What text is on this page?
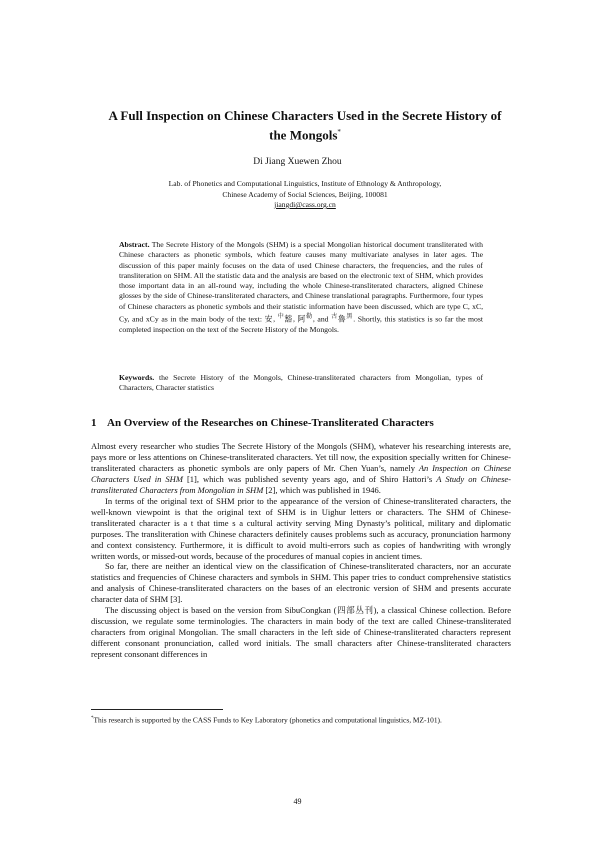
A Full Inspection on Chinese Characters Used in the Secrete History of the Mongols*
Di Jiang Xuewen Zhou
Lab. of Phonetics and Computational Linguistics, Institute of Ethnology & Anthropology,
Chinese Academy of Social Sciences, Beijing, 100081
jiangdi@cass.org.cn
Abstract. The Secrete History of the Mongols (SHM) is a special Mongolian historical document transliterated with Chinese characters as phonetic symbols, which feature causes many multivariate analyses in later ages. The discussion of this paper mainly focuses on the data of used Chinese characters, the frequencies, and the rules of transliteration on SHM. All the statistic data and the analysis are based on the electronic text of SHM, which provides those important data in an all-round way, including the whole Chinese-transliterated characters, aligned Chinese glosses by the side of Chinese-transliterated characters, and Chinese translational paragraphs. Furthermore, four types of Chinese characters as phonetic symbols and their statistic information have been discussed, which are type C, xC, Cy, and xCy as in the main body of the text: 安, $^中$豁, 阿$^勒$, and $^古$魯$^黑$. Shortly, this statistics is so far the most completed inspection on the text of the Secrete History of the Mongols.
Keywords. the Secrete History of the Mongols, Chinese-transliterated characters from Mongolian, types of Characters, Character statistics
1 An Overview of the Researches on Chinese-Transliterated Characters

Almost every researcher who studies The Secrete History of the Mongols (SHM), whatever his researching interests are, pays more or less attentions on Chinese-transliterated characters. Yet till now, the exposition specially written for Chinese-transliterated characters as phonetic symbols are only papers of Mr. Chen Yuan’s, namely An Inspection on Chinese Characters Used in SHM [1], which was published seventy years ago, and of Shiro Hattori’s A Study on Chinese-transliterated Characters from Mongolian in SHM [2], which was published in 1946.

In terms of the original text of SHM prior to the appearance of the version of Chinese-transliterated characters, the well-known viewpoint is that the original text of SHM is in Uighur letters or characters. The SHM of Chinese-transliterated character is a t that time s a cultural activity serving Ming Dynasty’s political, military and diplomatic purposes. The transliteration with Chinese characters definitely causes problems such as accuracy, pronunciation harmony and context consistency. Furthermore, it is difficult to avoid multi-errors such as copies of handwriting with wrongly written words, or missed-out words, because of the procedures of manual copies in ancient times.

So far, there are neither an identical view on the classification of Chinese-transliterated characters, nor an accurate statistics and frequencies of Chinese characters and symbols in SHM. This paper tries to conduct comprehensive statistics and analysis of Chinese-transliterated characters on the bases of an electronic version of SHM and presents accurate character data of SHM [3].

The discussing object is based on the version from SibuCongkan (四部丛刊), a classical Chinese collection. Before discussion, we regulate some terminologies. The characters in main body of the text are called Chinese-transliterated characters from original Mongolian. The small characters in the left side of Chinese-transliterated characters represent different consonant pronunciation, called word initials. The small characters after Chinese-transliterated characters represent consonant differences in

*This research is supported by the CASS Funds to Key Laboratory (phonetics and computational linguistics, MZ-101).
49
